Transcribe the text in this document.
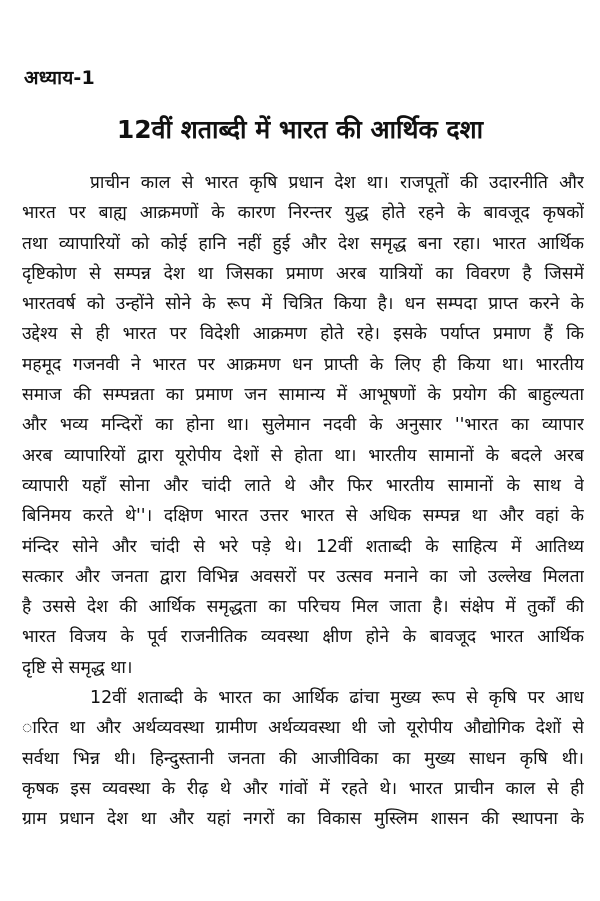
अध्याय-1
12वीं शताब्दी में भारत की आर्थिक दशा
प्राचीन काल से भारत कृषि प्रधान देश था। राजपूतों की उदारनीति और
भारत पर बाह्य आक्रमणों के कारण निरन्तर युद्ध होते रहने के बावजूद कृषकों
तथा व्यापारियों को कोई हानि नहीं हुई और देश समृद्ध बना रहा। भारत आर्थिक
दृष्टिकोण से सम्पन्न देश था जिसका प्रमाण अरब यात्रियों का विवरण है जिसमें
भारतवर्ष को उन्होंने सोने के रूप में चित्रित किया है। धन सम्पदा प्राप्त करने के
उद्देश्य से ही भारत पर विदेशी आक्रमण होते रहे। इसके पर्याप्त प्रमाण हैं कि
महमूद गजनवी ने भारत पर आक्रमण धन प्राप्ती के लिए ही किया था। भारतीय
समाज की सम्पन्नता का प्रमाण जन सामान्य में आभूषणों के प्रयोग की बाहुल्यता
और भव्य मन्दिरों का होना था। सुलेमान नदवी के अनुसार ''भारत का व्यापार
अरब व्यापारियों द्वारा यूरोपीय देशों से होता था। भारतीय सामानों के बदले अरब
व्यापारी यहाँ सोना और चांदी लाते थे और फिर भारतीय सामानों के साथ वे
बिनिमय करते थे''। दक्षिण भारत उत्तर भारत से अधिक सम्पन्न था और वहां के
मंन्दिर सोने और चांदी से भरे पड़े थे। 12वीं शताब्दी के साहित्य में आतिथ्य
सत्कार और जनता द्वारा विभिन्न अवसरों पर उत्सव मनाने का जो उल्लेख मिलता
है उससे देश की आर्थिक समृद्धता का परिचय मिल जाता है। संक्षेप में तुर्कों की
भारत विजय के पूर्व राजनीतिक व्यवस्था क्षीण होने के बावजूद भारत आर्थिक
दृष्टि से समृद्ध था।
12वीं शताब्दी के भारत का आर्थिक ढांचा मुख्य रूप से कृषि पर आध
ारित था और अर्थव्यवस्था ग्रामीण अर्थव्यवस्था थी जो यूरोपीय औद्योगिक देशों से
सर्वथा भिन्न थी। हिन्दुस्तानी जनता की आजीविका का मुख्य साधन कृषि थी।
कृषक इस व्यवस्था के रीढ़ थे और गांवों में रहते थे। भारत प्राचीन काल से ही
ग्राम प्रधान देश था और यहां नगरों का विकास मुस्लिम शासन की स्थापना के
